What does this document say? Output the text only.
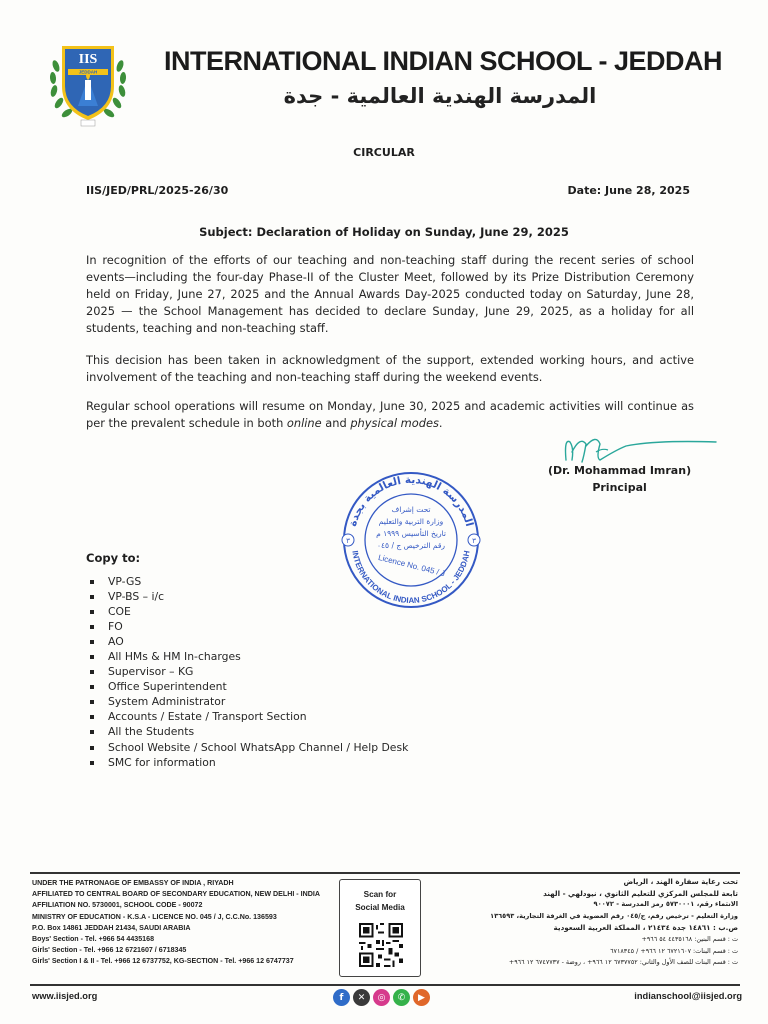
IIS
JEDDAH INTERNATIONAL INDIAN SCHOOL - JEDDAH
المدرسة الهندية العالمية - جدة
CIRCULAR
IIS/JED/PRL/2025-26/30	Date: June 28, 2025
Subject: Declaration of Holiday on Sunday, June 29, 2025

In recognition of the efforts of our teaching and non-teaching staff during the recent series of school events—including the four-day Phase-II of the Cluster Meet, followed by its Prize Distribution Ceremony held on Friday, June 27, 2025 and the Annual Awards Day-2025 conducted today on Saturday, June 28, 2025 — the School Management has decided to declare Sunday, June 29, 2025, as a holiday for all students, teaching and non-teaching staff.

This decision has been taken in acknowledgment of the support, extended working hours, and active involvement of the teaching and non-teaching staff during the weekend events.

Regular school operations will resume on Monday, June 30, 2025 and academic activities will continue as per the prevalent schedule in both online and physical modes.

(Dr. Mohammad Imran)
Principal
المدرسة الهندية العالمية بجدة
INTERNATIONAL INDIAN SCHOOL - JEDDAH
تحت إشراف
وزارة التربية والتعليم
تاريخ التأسيس ١٩٩٩ م
رقم الترخيص ج / ٠٤٥
Licence No. 045 / J
٣	٣
Copy to:
VP-GS
VP-BS – i/c
COE
FO
AO
All HMs & HM In-charges
Supervisor – KG
Office Superintendent
System Administrator
Accounts / Estate / Transport Section
All the Students
School Website / School WhatsApp Channel / Help Desk
SMC for information
UNDER THE PATRONAGE OF EMBASSY OF INDIA , RIYADH
AFFILIATED TO CENTRAL BOARD OF SECONDARY EDUCATION, NEW DELHI - INDIA
AFFILIATION NO. 5730001, SCHOOL CODE - 90072
MINISTRY OF EDUCATION - K.S.A - LICENCE NO. 045 / J, C.C.No. 136593
P.O. Box 14861 JEDDAH 21434, SAUDI ARABIA
Boys' Section - Tel. +966 54 4435168
Girls' Section - Tel. +966 12 6721607 / 6718345
Girls' Section I & II - Tel. +966 12 6737752, KG-SECTION - Tel. +966 12 6747737
Scan for
Social Media
تحت رعاية سفارة الهند ، الرياض
تابعة للمجلس المركزي للتعليم الثانوي ، نيودلهي - الهند
الانتماء رقم، ٥٧٣٠٠٠١ رمز المدرسة - ٩٠٠٧٢
وزارة التعليم - ترخيص رقم، ج/٠٤٥ رقم العضوية في الغرفة التجارية، ١٣٦٥٩٣
ص.ب : ١٤٨٦١ جدة ٢١٤٣٤ ، المملكة العربية السعودية
ت : قسم البنين: ٤٤٣٥١٦٨ ٥٤ ٩٦٦+
ت : قسم البنات: ٦٧٢١٦٠٧ ١٢ ٩٦٦+ / ٦٧١٨٣٤٥
ت : قسم البنات للصف الأول والثاني: ٦٧٣٧٧٥٢ ١٢ ٩٦٦+ ، روضة - ٦٧٤٧٧٣٧ ١٢ ٩٦٦+
www.iisjed.org	f	✕	◎	✆	▶	indianschool@iisjed.org
